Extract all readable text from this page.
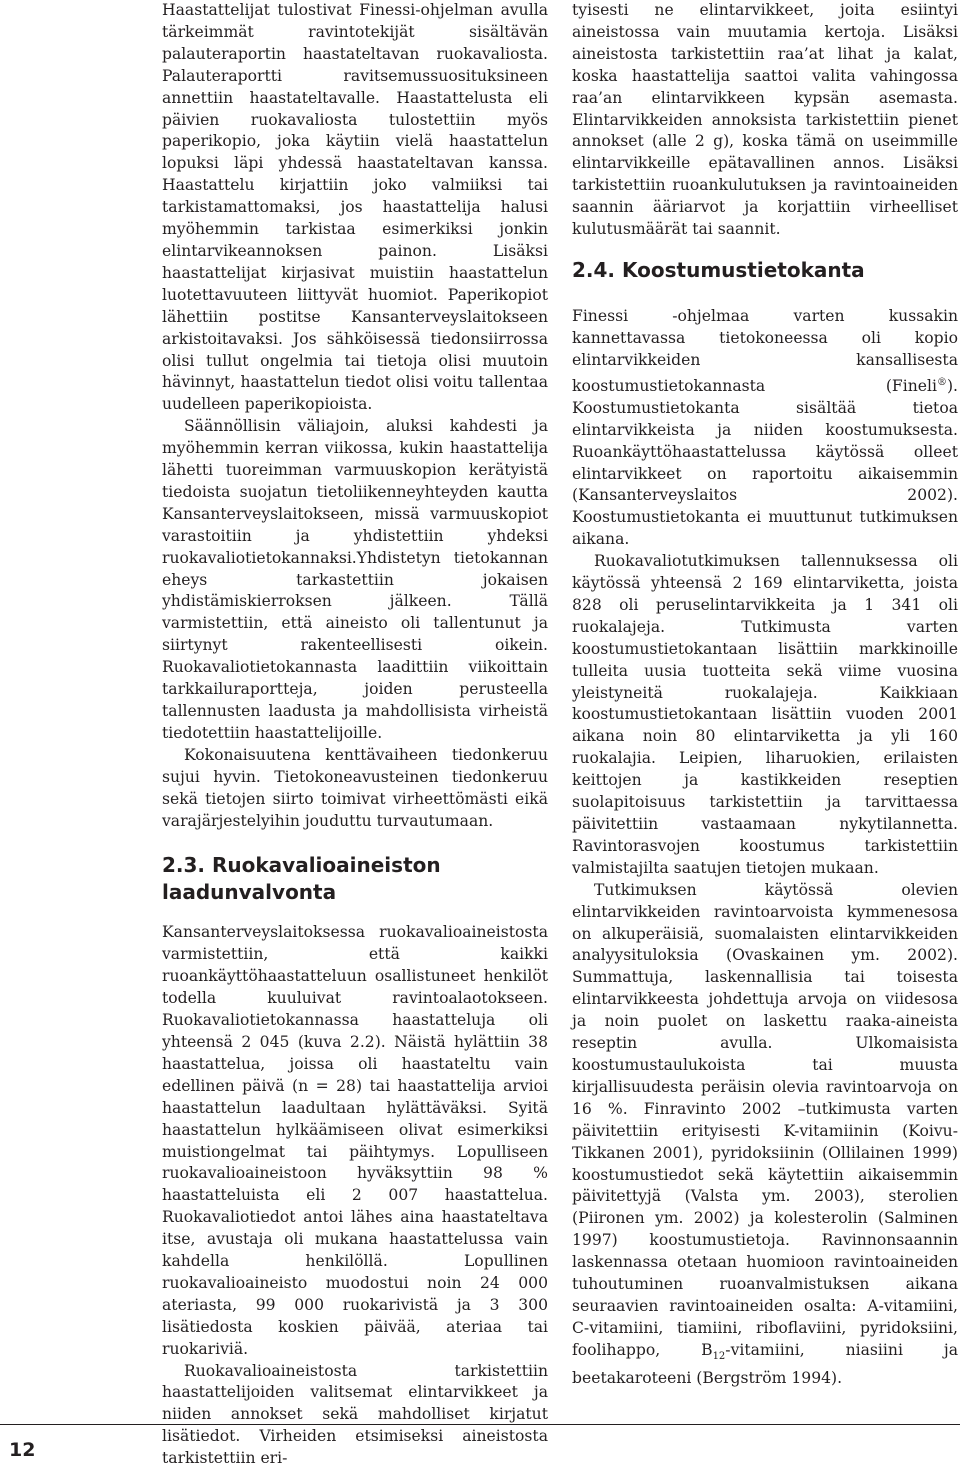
Haastattelijat tulostivat Finessi-ohjelman avulla tärkeimmät ravintotekijät sisältävän palauteraportin haastateltavan ruokavaliosta. Palauteraportti ravitsemussuosituksineen annettiin haastateltavalle. Haastattelusta eli päivien ruokavaliosta tulostettiin myös paperikopio, joka käytiin vielä haastattelun lopuksi läpi yhdessä haastateltavan kanssa. Haastattelu kirjattiin joko valmiiksi tai tarkistamattomaksi, jos haastattelija halusi myöhemmin tarkistaa esimerkiksi jonkin elintarvikeannoksen painon. Lisäksi haastattelijat kirjasivat muistiin haastattelun luotettavuuteen liittyvät huomiot. Paperikopiot lähettiin postitse Kansanterveyslaitokseen arkistoitavaksi. Jos sähköisessä tiedonsiirrossa olisi tullut ongelmia tai tietoja olisi muutoin hävinnyt, haastattelun tiedot olisi voitu tallentaa uudelleen paperikopioista.

Säännöllisin väliajoin, aluksi kahdesti ja myöhemmin kerran viikossa, kukin haastattelija lähetti tuoreimman varmuuskopion kerätyistä tiedoista suojatun tietoliikenneyhteyden kautta Kansanterveyslaitokseen, missä varmuuskopiot varastoitiin ja yhdistettiin yhdeksi ruokavaliotietokannaksi.Yhdistetyn tietokannan eheys tarkastettiin jokaisen yhdistämiskierroksen jälkeen. Tällä varmistettiin, että aineisto oli tallentunut ja siirtynyt rakenteellisesti oikein. Ruokavaliotietokannasta laadittiin viikoittain tarkkailuraportteja, joiden perusteella tallennusten laadusta ja mahdollisista virheistä tiedotettiin haastattelijoille.

Kokonaisuutena kenttävaiheen tiedonkeruu sujui hyvin. Tietokoneavusteinen tiedonkeruu sekä tietojen siirto toimivat virheettömästi eikä varajärjestelyihin jouduttu turvautumaan.

2.3. Ruokavalioaineiston laadunvalvonta

Kansanterveyslaitoksessa ruokavalioaineistosta varmistettiin, että kaikki ruoankäyttöhaastatteluun osallistuneet henkilöt todella kuuluivat ravintoalaotokseen. Ruokavaliotietokannassa haastatteluja oli yhteensä 2 045 (kuva 2.2). Näistä hylättiin 38 haastattelua, joissa oli haastateltu vain edellinen päivä (n = 28) tai haastattelija arvioi haastattelun laadultaan hylättäväksi. Syitä haastattelun hylkäämiseen olivat esimerkiksi muistiongelmat tai päihtymys. Lopulliseen ruokavalioaineistoon hyväksyttiin 98 % haastatteluista eli 2 007 haastattelua. Ruokavaliotiedot antoi lähes aina haastateltava itse, avustaja oli mukana haastattelussa vain kahdella henkilöllä. Lopullinen ruokavalioaineisto muodostui noin 24 000 ateriasta, 99 000 ruokarivistä ja 3 300 lisätiedosta koskien päivää, ateriaa tai ruokariviä.

Ruokavalioaineistosta tarkistettiin haastattelijoiden valitsemat elintarvikkeet ja niiden annokset sekä mahdolliset kirjatut lisätiedot. Virheiden etsimiseksi aineistosta tarkistettiin eri-

tyisesti ne elintarvikkeet, joita esiintyi aineistossa vain muutamia kertoja. Lisäksi aineistosta tarkistettiin raa’at lihat ja kalat, koska haastattelija saattoi valita vahingossa raa’an elintarvikkeen kypsän asemasta. Elintarvikkeiden annoksista tarkistettiin pienet annokset (alle 2 g), koska tämä on useimmille elintarvikkeille epätavallinen annos. Lisäksi tarkistettiin ruoankulutuksen ja ravintoaineiden saannin ääriarvot ja korjattiin virheelliset kulutusmäärät tai saannit.

2.4. Koostumustietokanta

Finessi -ohjelmaa varten kussakin kannettavassa tietokoneessa oli kopio elintarvikkeiden kansallisesta koostumustietokannasta (Fineli®). Koostumustietokanta sisältää tietoa elintarvikkeista ja niiden koostumuksesta. Ruoankäyttöhaastattelussa käytössä olleet elintarvikkeet on raportoitu aikaisemmin (Kansanterveyslaitos 2002). Koostumustietokanta ei muuttunut tutkimuksen aikana.

Ruokavaliotutkimuksen tallennuksessa oli käytössä yhteensä 2 169 elintarviketta, joista 828 oli peruselintarvikkeita ja 1 341 oli ruokalajeja. Tutkimusta varten koostumustietokantaan lisättiin markkinoille tulleita uusia tuotteita sekä viime vuosina yleistyneitä ruokalajeja. Kaikkiaan koostumustietokantaan lisättiin vuoden 2001 aikana noin 80 elintarviketta ja yli 160 ruokalajia. Leipien, liharuokien, erilaisten keittojen ja kastikkeiden reseptien suolapitoisuus tarkistettiin ja tarvittaessa päivitettiin vastaamaan nykytilannetta. Ravintorasvojen koostumus tarkistettiin valmistajilta saatujen tietojen mukaan.

Tutkimuksen käytössä olevien elintarvikkeiden ravintoarvoista kymmenesosa on alkuperäisiä, suomalaisten elintarvikkeiden analyysituloksia (Ovaskainen ym. 2002). Summattuja, laskennallisia tai toisesta elintarvikkeesta johdettuja arvoja on viidesosa ja noin puolet on laskettu raaka-aineista reseptin avulla. Ulkomaisista koostumustaulukoista tai muusta kirjallisuudesta peräisin olevia ravintoarvoja on 16 %. Finravinto 2002 –tutkimusta varten päivitettiin erityisesti K-vitamiinin (Koivu-Tikkanen 2001), pyridoksiinin (Ollilainen 1999) koostumustiedot sekä käytettiin aikaisemmin päivitettyjä (Valsta ym. 2003), sterolien (Piironen ym. 2002) ja kolesterolin (Salminen 1997) koostumustietoja. Ravinnonsaannin laskennassa otetaan huomioon ravintoaineiden tuhoutuminen ruoanvalmistuksen aikana seuraavien ravintoaineiden osalta: A-vitamiini, C-vitamiini, tiamiini, riboflaviini, pyridoksiini, foolihappo, $B_{12}$-vitamiini, niasiini ja beetakaroteeni (Bergström 1994).

12
